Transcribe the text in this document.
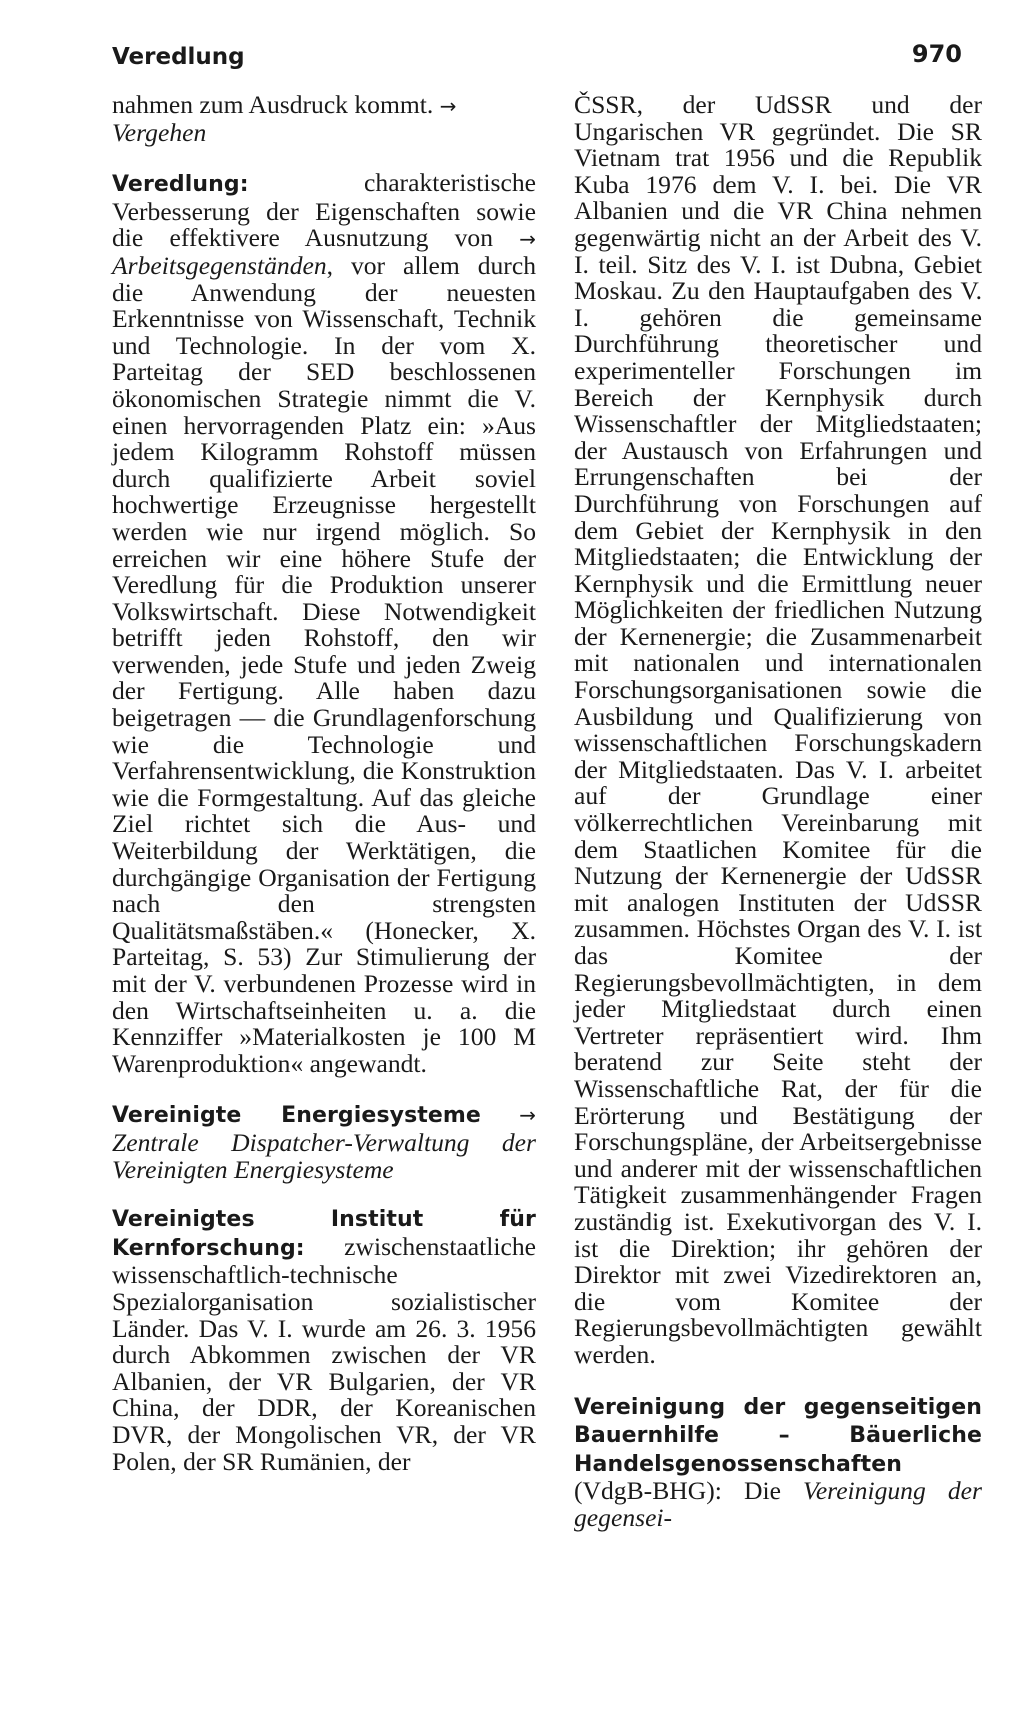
Veredlung	970

nahmen zum Ausdruck kommt. →
Vergehen

Veredlung: charakteristische Verbesserung der Eigenschaften sowie die effektivere Ausnutzung von → Arbeitsgegenständen, vor allem durch die Anwendung der neuesten Erkenntnisse von Wissenschaft, Technik und Technologie. In der vom X. Parteitag der SED beschlossenen ökonomischen Strategie nimmt die V. einen hervorragenden Platz ein: »Aus jedem Kilogramm Rohstoff müssen durch qualifizierte Arbeit soviel hochwertige Erzeugnisse hergestellt werden wie nur irgend möglich. So erreichen wir eine höhere Stufe der Veredlung für die Produktion unserer Volkswirtschaft. Diese Notwendigkeit betrifft jeden Rohstoff, den wir verwenden, jede Stufe und jeden Zweig der Fertigung. Alle haben dazu beigetragen — die Grundlagenforschung wie die Technologie und Verfahrensentwicklung, die Konstruktion wie die Formgestaltung. Auf das gleiche Ziel richtet sich die Aus- und Weiterbildung der Werktätigen, die durchgängige Organisation der Fertigung nach den strengsten Qualitätsmaßstäben.« (Honecker, X. Parteitag, S. 53) Zur Stimulierung der mit der V. verbundenen Prozesse wird in den Wirtschaftseinheiten u. a. die Kennziffer »Materialkosten je 100 M Warenproduktion« angewandt.

Vereinigte Energiesysteme → Zentrale Dispatcher-Verwaltung der Vereinigten Energiesysteme

Vereinigtes Institut für Kernforschung: zwischenstaatliche wissenschaftlich-technische Spezialorganisation sozialistischer Länder. Das V. I. wurde am 26. 3. 1956 durch Abkommen zwischen der VR Albanien, der VR Bulgarien, der VR China, der DDR, der Koreanischen DVR, der Mongolischen VR, der VR Polen, der SR Rumänien, der

ČSSR, der UdSSR und der Ungarischen VR gegründet. Die SR Vietnam trat 1956 und die Republik Kuba 1976 dem V. I. bei. Die VR Albanien und die VR China nehmen gegenwärtig nicht an der Arbeit des V. I. teil. Sitz des V. I. ist Dubna, Gebiet Moskau. Zu den Hauptaufgaben des V. I. gehören die gemeinsame Durchführung theoretischer und experimenteller Forschungen im Bereich der Kernphysik durch Wissenschaftler der Mitgliedstaaten; der Austausch von Erfahrungen und Errungenschaften bei der Durchführung von Forschungen auf dem Gebiet der Kernphysik in den Mitgliedstaaten; die Entwicklung der Kernphysik und die Ermittlung neuer Möglichkeiten der friedlichen Nutzung der Kernenergie; die Zusammenarbeit mit nationalen und internationalen Forschungsorganisationen sowie die Ausbildung und Qualifizierung von wissenschaftlichen Forschungskadern der Mitgliedstaaten. Das V. I. arbeitet auf der Grundlage einer völkerrechtlichen Vereinbarung mit dem Staatlichen Komitee für die Nutzung der Kernenergie der UdSSR mit analogen Instituten der UdSSR zusammen. Höchstes Organ des V. I. ist das Komitee der Regierungsbevollmächtigten, in dem jeder Mitgliedstaat durch einen Vertreter repräsentiert wird. Ihm beratend zur Seite steht der Wissenschaftliche Rat, der für die Erörterung und Bestätigung der Forschungspläne, der Arbeitsergebnisse und anderer mit der wissenschaftlichen Tätigkeit zusammenhängender Fragen zuständig ist. Exekutivorgan des V. I. ist die Direktion; ihr gehören der Direktor mit zwei Vizedirektoren an, die vom Komitee der Regierungsbevollmächtigten gewählt werden.

Vereinigung der gegenseitigen Bauernhilfe – Bäuerliche Handelsgenossenschaften (VdgB-BHG): Die Vereinigung der gegensei-
